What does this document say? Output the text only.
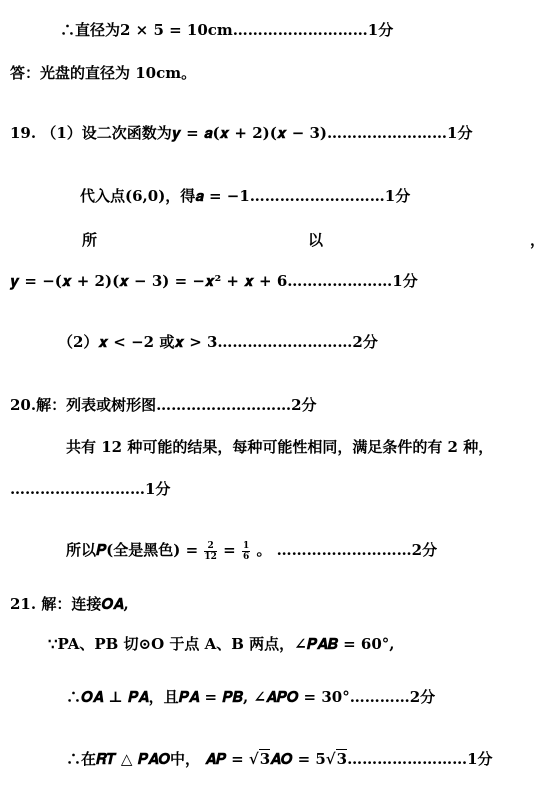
∴直径为2 × 5 = 10cm………………………1分
答：光盘的直径为 10cm。
19. （1）设二次函数为𝒚 = 𝒂(𝒙 + 𝟐)(𝒙 − 𝟑)……………………1分
代入点(𝟔,𝟎)，得𝒂 = −𝟏………………………1分
所	以	，
𝒚 = −(𝒙 + 𝟐)(𝒙 − 𝟑) = −𝒙² + 𝒙 + 𝟔…………………1分
（2）𝒙 < −2 或𝒙 > 3………………………2分
20.解：列表或树形图………………………2分
共有 12 种可能的结果，每种可能性相同，满足条件的有 2 种，
………………………1分
所以𝑷(全是黑色) = $\frac{2}{12} = \frac{1}{6}$ 。 ………………………2分
21. 解：连接𝑶𝑨,
∵PA、PB 切⊙O 于点 A、B 两点，∠𝑷𝑨𝑩 = 𝟔𝟎°,
∴𝑶𝑨 ⊥ 𝑷𝑨，且𝑷𝑨 = 𝑷𝑩, ∠𝑨𝑷𝑶 = 𝟑𝟎°…………2分
∴在𝑹𝑻 △ 𝑷𝑨𝑶中， 𝑨𝑷 = √𝟑𝑨𝑶 = 𝟓√𝟑……………………1分
